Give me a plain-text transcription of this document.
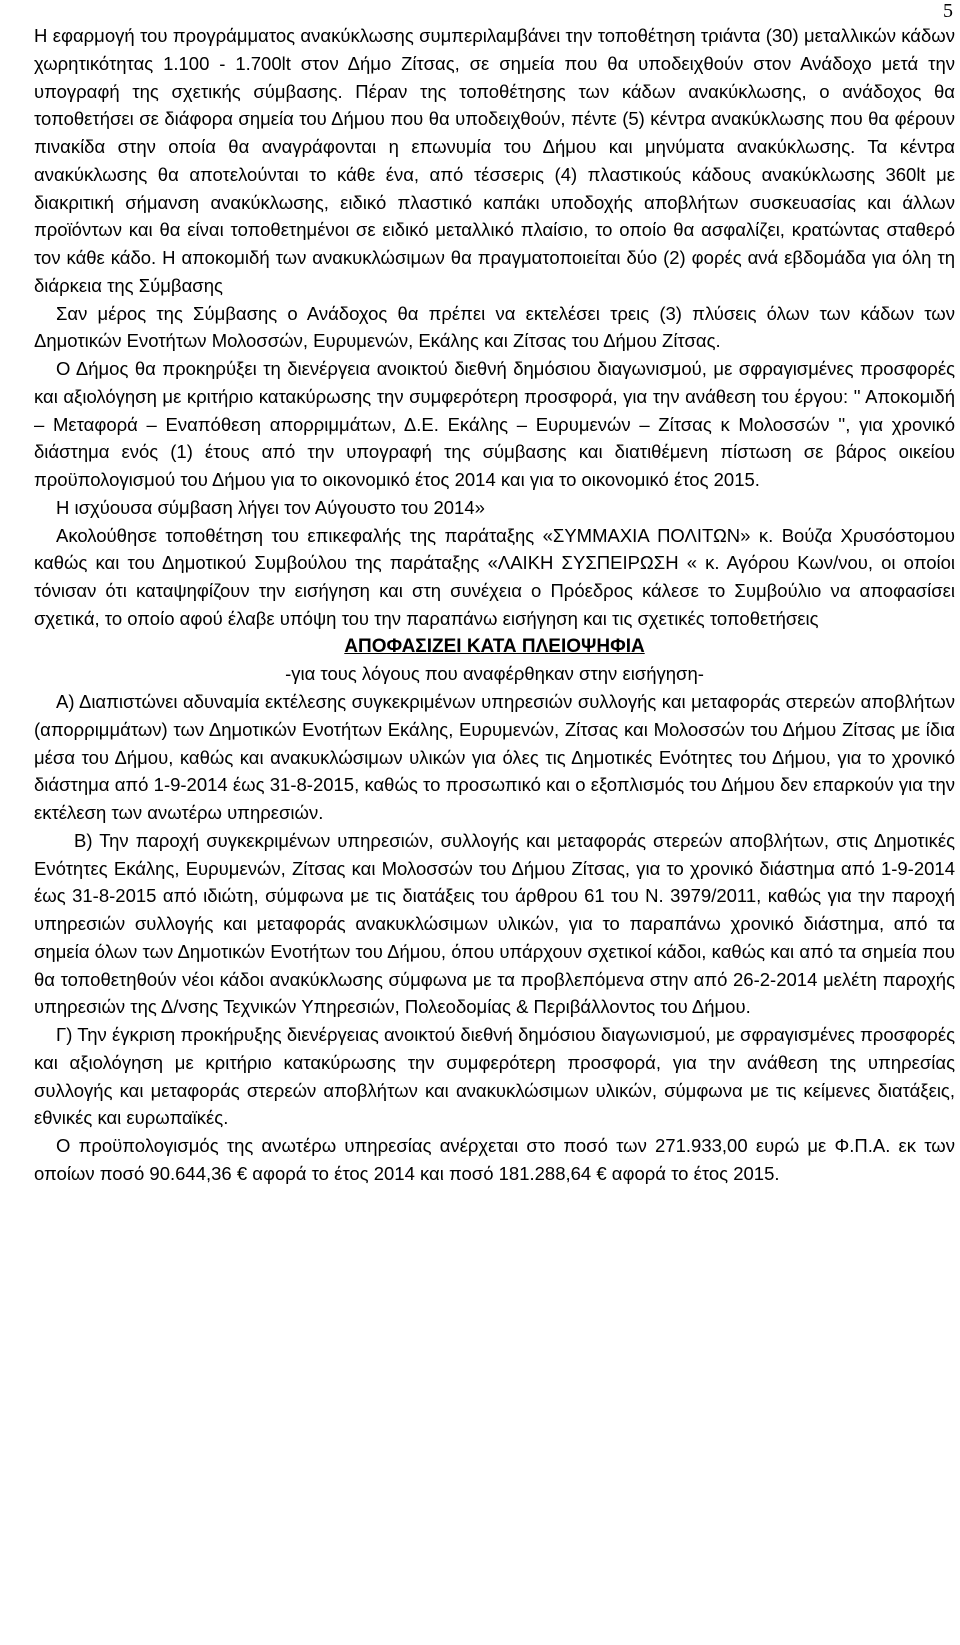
5

Η εφαρμογή του προγράμματος ανακύκλωσης συμπεριλαμβάνει την τοποθέτηση τριάντα (30) μεταλλικών κάδων χωρητικότητας 1.100 - 1.700lt στον Δήμο Ζίτσας, σε σημεία που θα υποδειχθούν στον Ανάδοχο μετά την υπογραφή της σχετικής σύμβασης. Πέραν της τοποθέτησης των κάδων ανακύκλωσης, ο ανάδοχος θα τοποθετήσει σε διάφορα σημεία του Δήμου που θα υποδειχθούν, πέντε (5) κέντρα ανακύκλωσης που θα φέρουν πινακίδα στην οποία θα αναγράφονται η επωνυμία του Δήμου και μηνύματα ανακύκλωσης. Τα κέντρα ανακύκλωσης θα αποτελούνται το κάθε ένα, από τέσσερις (4) πλαστικούς κάδους ανακύκλωσης 360lt με διακριτική σήμανση ανακύκλωσης, ειδικό πλαστικό καπάκι υποδοχής αποβλήτων συσκευασίας και άλλων προϊόντων και θα είναι τοποθετημένοι σε ειδικό μεταλλικό πλαίσιο, το οποίο θα ασφαλίζει, κρατώντας σταθερό τον κάθε κάδο. Η αποκομιδή των ανακυκλώσιμων θα πραγματοποιείται δύο (2) φορές ανά εβδομάδα για όλη τη διάρκεια της Σύμβασης

Σαν μέρος της Σύμβασης ο Ανάδοχος θα πρέπει να εκτελέσει τρεις (3) πλύσεις όλων των κάδων των Δημοτικών Ενοτήτων Μολοσσών, Ευρυμενών, Εκάλης και Ζίτσας του Δήμου Ζίτσας.

Ο Δήμος θα προκηρύξει τη διενέργεια ανοικτού διεθνή δημόσιου διαγωνισμού, με σφραγισμένες προσφορές και αξιολόγηση με κριτήριο κατακύρωσης την συμφερότερη προσφορά, για την ανάθεση του έργου: '' Αποκομιδή – Μεταφορά – Εναπόθεση απορριμμάτων, Δ.Ε. Εκάλης – Ευρυμενών – Ζίτσας κ Μολοσσών '', για χρονικό διάστημα ενός (1) έτους από την υπογραφή της σύμβασης και διατιθέμενη πίστωση σε βάρος οικείου προϋπολογισμού του Δήμου για το οικονομικό έτος 2014 και για το οικονομικό έτος 2015.

Η ισχύουσα σύμβαση λήγει τον Αύγουστο του 2014»

Ακολούθησε τοποθέτηση του επικεφαλής της παράταξης «ΣΥΜΜΑΧΙΑ ΠΟΛΙΤΩΝ» κ. Βούζα Χρυσόστομου καθώς και του Δημοτικού Συμβούλου της παράταξης «ΛΑΙΚΗ ΣΥΣΠΕΙΡΩΣΗ « κ. Αγόρου Κων/νου, οι οποίοι τόνισαν ότι καταψηφίζουν την εισήγηση και στη συνέχεια ο Πρόεδρος κάλεσε το Συμβούλιο να αποφασίσει σχετικά, το οποίο αφού έλαβε υπόψη του την παραπάνω εισήγηση και τις σχετικές τοποθετήσεις

ΑΠΟΦΑΣΙΖΕΙ ΚΑΤΑ ΠΛΕΙΟΨΗΦΙΑ

-για τους λόγους που αναφέρθηκαν στην εισήγηση-

Α) Διαπιστώνει αδυναμία εκτέλεσης συγκεκριμένων υπηρεσιών συλλογής και μεταφοράς στερεών αποβλήτων (απορριμμάτων) των Δημοτικών Ενοτήτων Εκάλης, Ευρυμενών, Ζίτσας και Μολοσσών του Δήμου Ζίτσας με ίδια μέσα του Δήμου, καθώς και ανακυκλώσιμων υλικών για όλες τις Δημοτικές Ενότητες του Δήμου, για το χρονικό διάστημα από 1-9-2014 έως 31-8-2015, καθώς το προσωπικό και ο εξοπλισμός του Δήμου δεν επαρκούν για την εκτέλεση των ανωτέρω υπηρεσιών.

Β) Την παροχή συγκεκριμένων υπηρεσιών, συλλογής και μεταφοράς στερεών αποβλήτων, στις Δημοτικές Ενότητες Εκάλης, Ευρυμενών, Ζίτσας και Μολοσσών του Δήμου Ζίτσας, για το χρονικό διάστημα από 1-9-2014 έως 31-8-2015 από ιδιώτη, σύμφωνα με τις διατάξεις του άρθρου 61 του Ν. 3979/2011, καθώς για την παροχή υπηρεσιών συλλογής και μεταφοράς ανακυκλώσιμων υλικών, για το παραπάνω χρονικό διάστημα, από τα σημεία όλων των Δημοτικών Ενοτήτων του Δήμου, όπου υπάρχουν σχετικοί κάδοι, καθώς και από τα σημεία που θα τοποθετηθούν νέοι κάδοι ανακύκλωσης σύμφωνα με τα προβλεπόμενα στην από 26-2-2014 μελέτη παροχής υπηρεσιών της Δ/νσης Τεχνικών Υπηρεσιών, Πολεοδομίας & Περιβάλλοντος του Δήμου.

Γ) Την έγκριση προκήρυξης διενέργειας ανοικτού διεθνή δημόσιου διαγωνισμού, με σφραγισμένες προσφορές και αξιολόγηση με κριτήριο κατακύρωσης την συμφερότερη προσφορά, για την ανάθεση της υπηρεσίας συλλογής και μεταφοράς στερεών αποβλήτων και ανακυκλώσιμων υλικών, σύμφωνα με τις κείμενες διατάξεις, εθνικές και ευρωπαϊκές.

Ο προϋπολογισμός της ανωτέρω υπηρεσίας ανέρχεται στο ποσό των 271.933,00 ευρώ με Φ.Π.Α. εκ των οποίων ποσό 90.644,36 € αφορά το έτος 2014 και ποσό 181.288,64 € αφορά το έτος 2015.
